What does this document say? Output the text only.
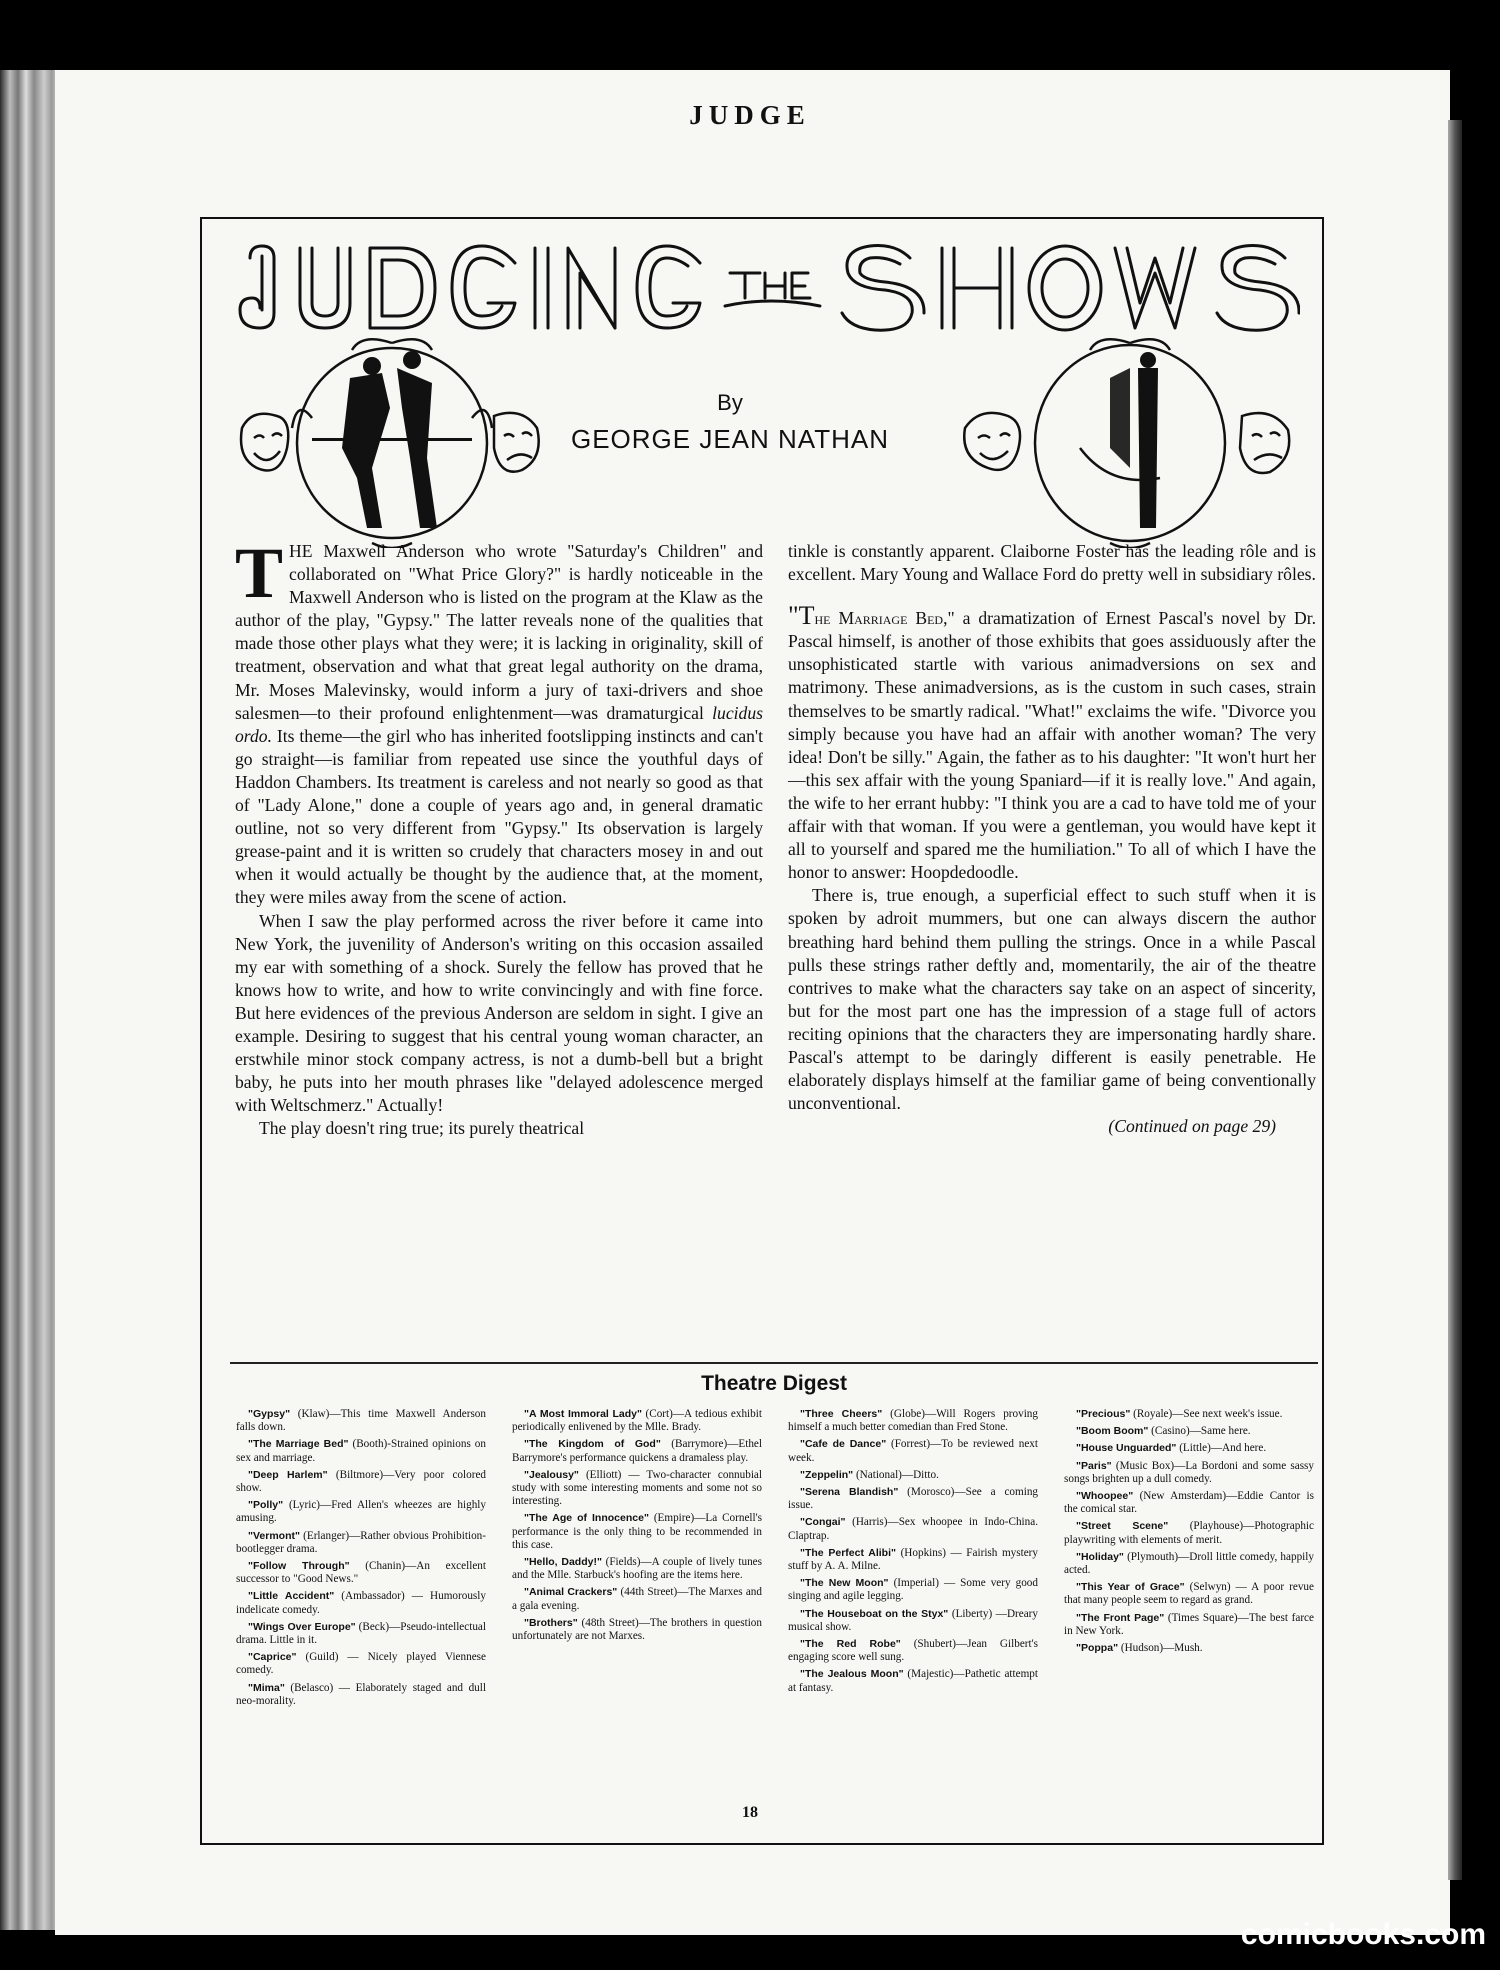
JUDGE
By
GEORGE JEAN NATHAN

THE Maxwell Anderson who wrote "Saturday's Children" and collaborated on "What Price Glory?" is hardly noticeable in the Maxwell Anderson who is listed on the program at the Klaw as the author of the play, "Gypsy." The latter reveals none of the qualities that made those other plays what they were; it is lacking in originality, skill of treatment, observation and what that great legal authority on the drama, Mr. Moses Malevinsky, would inform a jury of taxi-drivers and shoe salesmen—to their profound enlightenment—was dramaturgical lucidus ordo. Its theme—the girl who has inherited footslipping instincts and can't go straight—is familiar from repeated use since the youthful days of Haddon Chambers. Its treatment is careless and not nearly so good as that of "Lady Alone," done a couple of years ago and, in general dramatic outline, not so very different from "Gypsy." Its observation is largely grease-paint and it is written so crudely that characters mosey in and out when it would actually be thought by the audience that, at the moment, they were miles away from the scene of action.

When I saw the play performed across the river before it came into New York, the juvenility of Anderson's writing on this occasion assailed my ear with something of a shock. Surely the fellow has proved that he knows how to write, and how to write convincingly and with fine force. But here evidences of the previous Anderson are seldom in sight. I give an example. Desiring to suggest that his central young woman character, an erstwhile minor stock company actress, is not a dumb-bell but a bright baby, he puts into her mouth phrases like "delayed adolescence merged with Weltschmerz." Actually!

The play doesn't ring true; its purely theatrical

tinkle is constantly apparent. Claiborne Foster has the leading rôle and is excellent. Mary Young and Wallace Ford do pretty well in subsidiary rôles.

"The Marriage Bed," a dramatization of Ernest Pascal's novel by Dr. Pascal himself, is another of those exhibits that goes assiduously after the unsophisticated startle with various animadversions on sex and matrimony. These animadversions, as is the custom in such cases, strain themselves to be smartly radical. "What!" exclaims the wife. "Divorce you simply because you have had an affair with another woman? The very idea! Don't be silly." Again, the father as to his daughter: "It won't hurt her—this sex affair with the young Spaniard—if it is really love." And again, the wife to her errant hubby: "I think you are a cad to have told me of your affair with that woman. If you were a gentleman, you would have kept it all to yourself and spared me the humiliation." To all of which I have the honor to answer: Hoopdedoodle.

There is, true enough, a superficial effect to such stuff when it is spoken by adroit mummers, but one can always discern the author breathing hard behind them pulling the strings. Once in a while Pascal pulls these strings rather deftly and, momentarily, the air of the theatre contrives to make what the characters say take on an aspect of sincerity, but for the most part one has the impression of a stage full of actors reciting opinions that the characters they are impersonating hardly share. Pascal's attempt to be daringly different is easily penetrable. He elaborately displays himself at the familiar game of being conventionally unconventional.

(Continued on page 29)

Theatre Digest
"Gypsy" (Klaw)—This time Maxwell Anderson falls down.
"The Marriage Bed" (Booth)-Strained opinions on sex and marriage.
"Deep Harlem" (Biltmore)—Very poor colored show.
"Polly" (Lyric)—Fred Allen's wheezes are highly amusing.
"Vermont" (Erlanger)—Rather obvious Prohibition-bootlegger drama.
"Follow Through" (Chanin)—An excellent successor to "Good News."
"Little Accident" (Ambassador) — Humorously indelicate comedy.
"Wings Over Europe" (Beck)—Pseudo-intellectual drama. Little in it.
"Caprice" (Guild) — Nicely played Viennese comedy.
"Mima" (Belasco) — Elaborately staged and dull neo-morality.
"A Most Immoral Lady" (Cort)—A tedious exhibit periodically enlivened by the Mlle. Brady.
"The Kingdom of God" (Barrymore)—Ethel Barrymore's performance quickens a dramaless play.
"Jealousy" (Elliott) — Two-character connubial study with some interesting moments and some not so interesting.
"The Age of Innocence" (Empire)—La Cornell's performance is the only thing to be recommended in this case.
"Hello, Daddy!" (Fields)—A couple of lively tunes and the Mlle. Starbuck's hoofing are the items here.
"Animal Crackers" (44th Street)—The Marxes and a gala evening.
"Brothers" (48th Street)—The brothers in question unfortunately are not Marxes.
"Three Cheers" (Globe)—Will Rogers proving himself a much better comedian than Fred Stone.
"Cafe de Dance" (Forrest)—To be reviewed next week.
"Zeppelin" (National)—Ditto.
"Serena Blandish" (Morosco)—See a coming issue.
"Congai" (Harris)—Sex whoopee in Indo-China. Claptrap.
"The Perfect Alibi" (Hopkins) — Fairish mystery stuff by A. A. Milne.
"The New Moon" (Imperial) — Some very good singing and agile legging.
"The Houseboat on the Styx" (Liberty) —Dreary musical show.
"The Red Robe" (Shubert)—Jean Gilbert's engaging score well sung.
"The Jealous Moon" (Majestic)—Pathetic attempt at fantasy.
"Precious" (Royale)—See next week's issue.
"Boom Boom" (Casino)—Same here.
"House Unguarded" (Little)—And here.
"Paris" (Music Box)—La Bordoni and some sassy songs brighten up a dull comedy.
"Whoopee" (New Amsterdam)—Eddie Cantor is the comical star.
"Street Scene" (Playhouse)—Photographic playwriting with elements of merit.
"Holiday" (Plymouth)—Droll little comedy, happily acted.
"This Year of Grace" (Selwyn) — A poor revue that many people seem to regard as grand.
"The Front Page" (Times Square)—The best farce in New York.
"Poppa" (Hudson)—Mush.
18
comicbooks.com
